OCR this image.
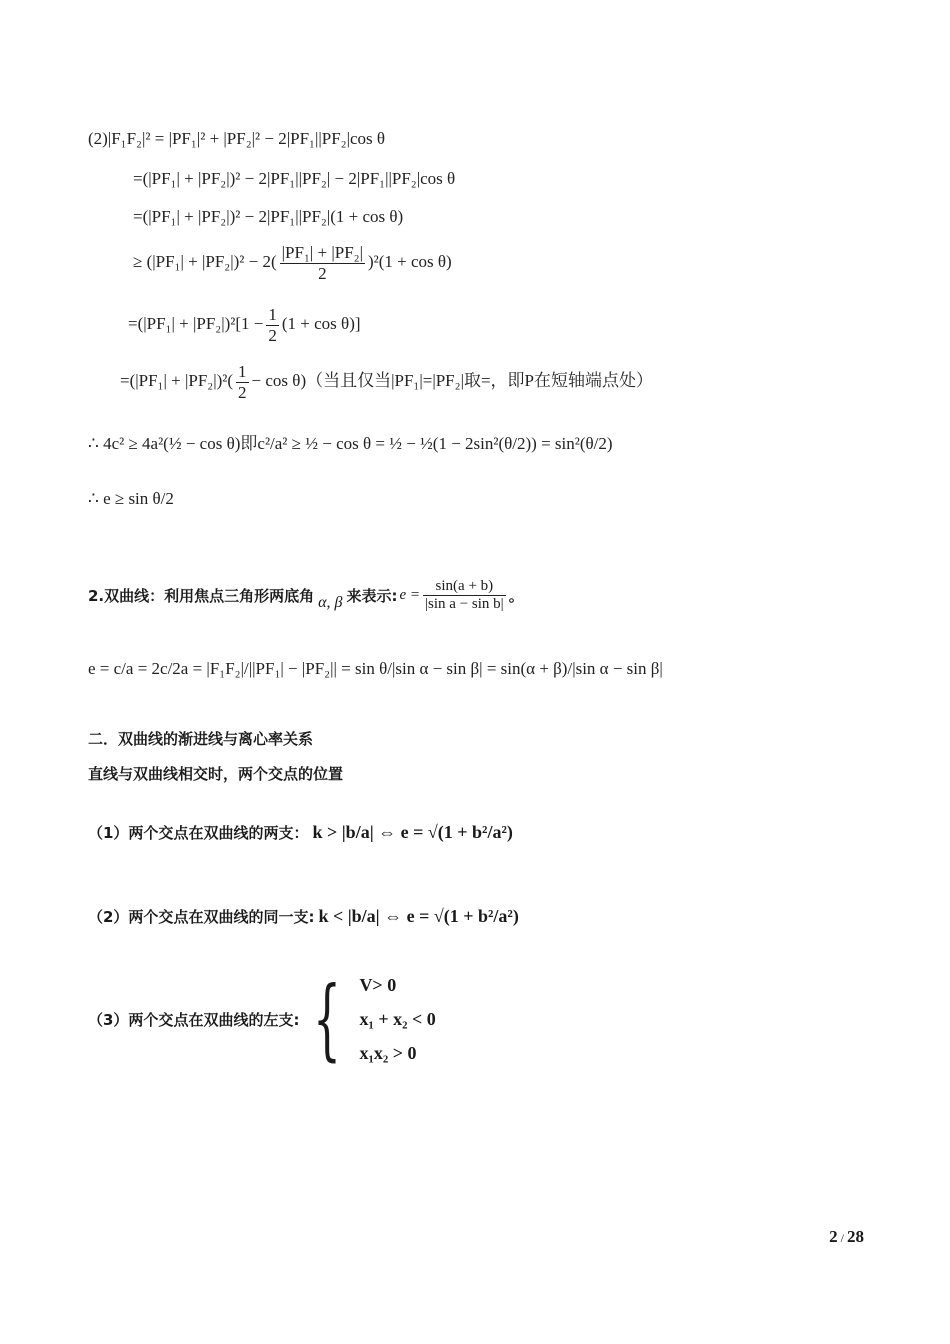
(2)|F₁F₂|² = |PF₁|² + |PF₂|² − 2|PF₁||PF₂|cos θ
=(|PF₁| + |PF₂|)² − 2|PF₁||PF₂| − 2|PF₁||PF₂|cos θ
=(|PF₁| + |PF₂|)² − 2|PF₁||PF₂|(1 + cos θ)
≥ $(|PF_1| + |PF_2|)^2 - 2( \frac{\text{|PF₁| + |PF₂|}}{2} )^2(1 + \cos \theta)$
$=(|PF_1| + |PF_2|)^2[1 - \frac{1}{2} (1 + \cos \theta)]$
$=(|PF_1| + |PF_2|)^2( \frac{1}{2} - \cos \theta)$（当且仅当|PF₁|=|PF₂|取=，即P在短轴端点处）
∴ 4c² ≥ 4a²(½ − cos θ)即c²/a² ≥ ½ − cos θ = ½ − ½(1 − 2sin²(θ/2)) = sin²(θ/2)
∴ e ≥ sin θ/2
2.双曲线：利用焦点三角形两底角 α, β 来表示: $e = \frac{\sin(a + b)}{\text{|sin a − sin b|}}$ 。
e = c/a = 2c/2a = |F₁F₂|/||PF₁| − |PF₂|| = sin θ/|sin α − sin β| = sin(α + β)/|sin α − sin β|
二．双曲线的渐进线与离心率关系
直线与双曲线相交时，两个交点的位置
（1）两个交点在双曲线的两支： k > |b/a| ⇔ e = √(1 + b²/a²)
（2）两个交点在双曲线的同一支: k < |b/a| ⇔ e = √(1 + b²/a²)
（3）两个交点在双曲线的左支: { V> 0
x₁ + x₂ < 0
x₁x₂ > 0
2 / 28
